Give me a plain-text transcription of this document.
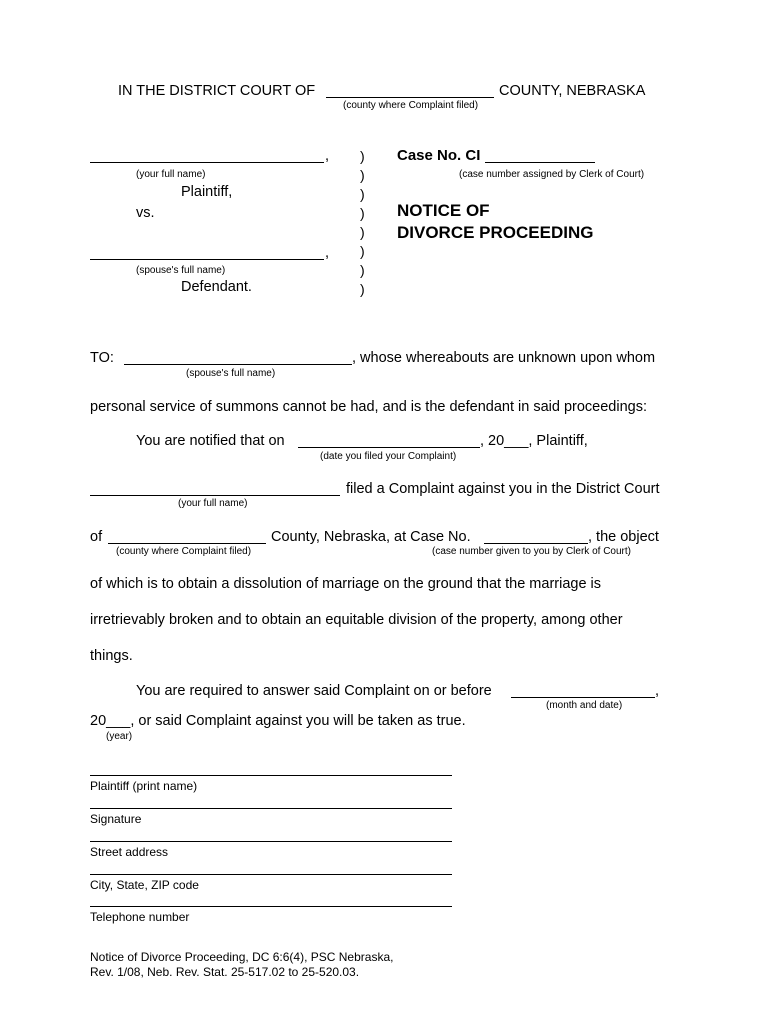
IN THE DISTRICT COURT OF	COUNTY, NEBRASKA
(county where Complaint filed)
,
(your full name)
Plaintiff,
vs.
,
(spouse's full name)
Defendant.
)
)
)
)
)
)
)
)
Case No. CI
(case number assigned by Clerk of Court)
NOTICE OF
DIVORCE PROCEEDING
TO:	, whose whereabouts are unknown upon whom
(spouse's full name)
personal service of summons cannot be had, and is the defendant in said proceedings:
You are notified that on	, 20___, Plaintiff,
(date you filed your Complaint)
filed a Complaint against you in the District Court
(your full name)
of	County, Nebraska, at Case No.	, the object
(county where Complaint filed)	(case number given to you by Clerk of Court)
of which is to obtain a dissolution of marriage on the ground that the marriage is
irretrievably broken and to obtain an equitable division of the property, among other
things.
You are required to answer said Complaint on or before	,
(month and date)
20___, or said Complaint against you will be taken as true.
(year)
Plaintiff (print name)
Signature
Street address
City, State, ZIP code
Telephone number
Notice of Divorce Proceeding, DC 6:6(4), PSC Nebraska,
Rev. 1/08, Neb. Rev. Stat. 25-517.02 to 25-520.03.
